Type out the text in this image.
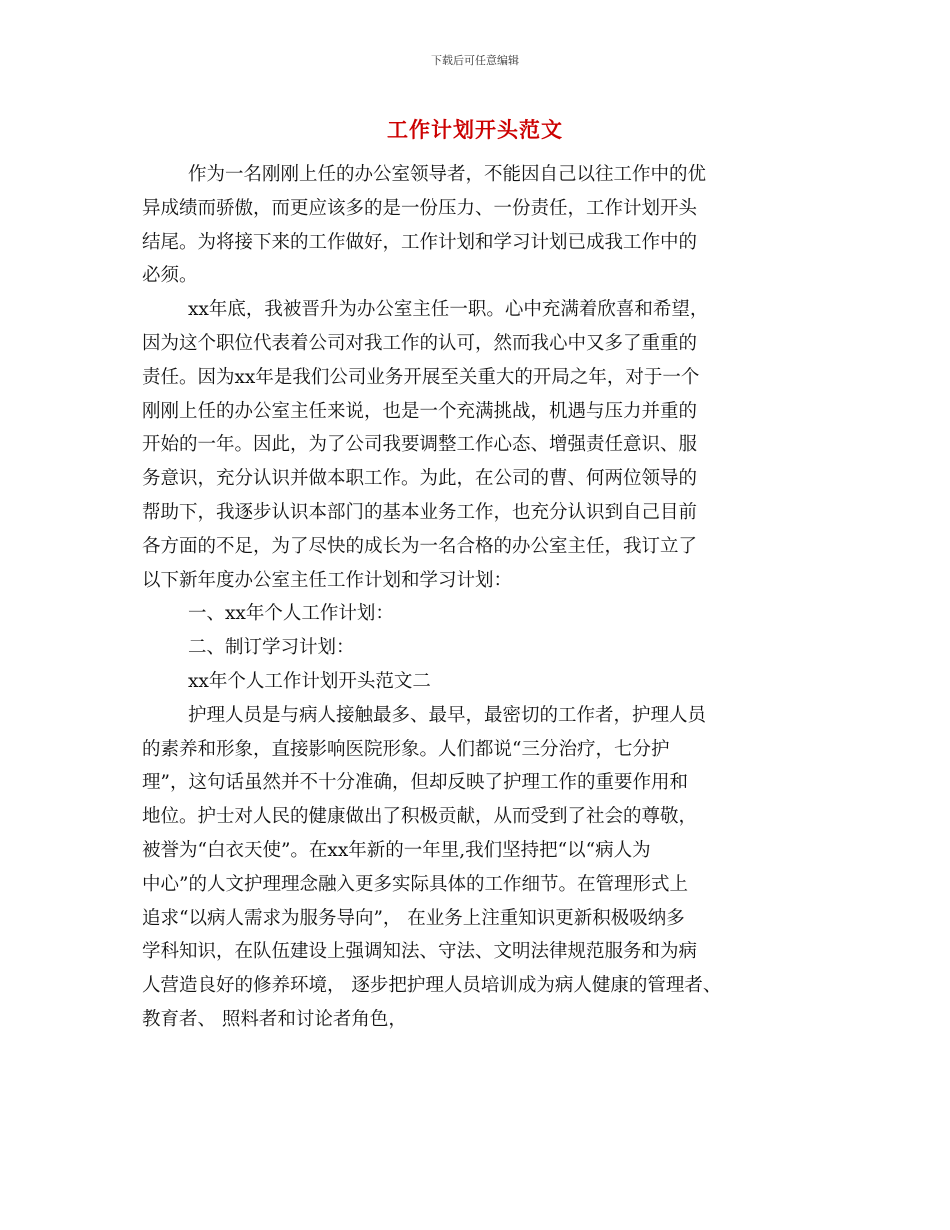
下载后可任意编辑
工作计划开头范文
作为一名刚刚上任的办公室领导者，不能因自己以往工作中的优
异成绩而骄傲，而更应该多的是一份压力、一份责任，工作计划开头
结尾。为将接下来的工作做好，工作计划和学习计划已成我工作中的
必须。
xx年底，我被晋升为办公室主任一职。心中充满着欣喜和希望，
因为这个职位代表着公司对我工作的认可，然而我心中又多了重重的
责任。因为xx年是我们公司业务开展至关重大的开局之年，对于一个
刚刚上任的办公室主任来说，也是一个充满挑战，机遇与压力并重的
开始的一年。因此，为了公司我要调整工作心态、增强责任意识、服
务意识，充分认识并做本职工作。为此，在公司的曹、何两位领导的
帮助下，我逐步认识本部门的基本业务工作，也充分认识到自己目前
各方面的不足，为了尽快的成长为一名合格的办公室主任，我订立了
以下新年度办公室主任工作计划和学习计划：
一、xx年个人工作计划：
二、制订学习计划：
xx年个人工作计划开头范文二
护理人员是与病人接触最多、最早，最密切的工作者，护理人员
的素养和形象，直接影响医院形象。人们都说“三分治疗，七分护
理”，这句话虽然并不十分准确，但却反映了护理工作的重要作用和
地位。护士对人民的健康做出了积极贡献，从而受到了社会的尊敬，
被誉为“白衣天使”。在xx年新的一年里,我们坚持把“以“病人为
中心”的人文护理理念融入更多实际具体的工作细节。在管理形式上
追求“以病人需求为服务导向”， 在业务上注重知识更新积极吸纳多
学科知识，在队伍建设上强调知法、守法、文明法律规范服务和为病
人营造良好的修养环境， 逐步把护理人员培训成为病人健康的管理者、
教育者、 照料者和讨论者角色，
